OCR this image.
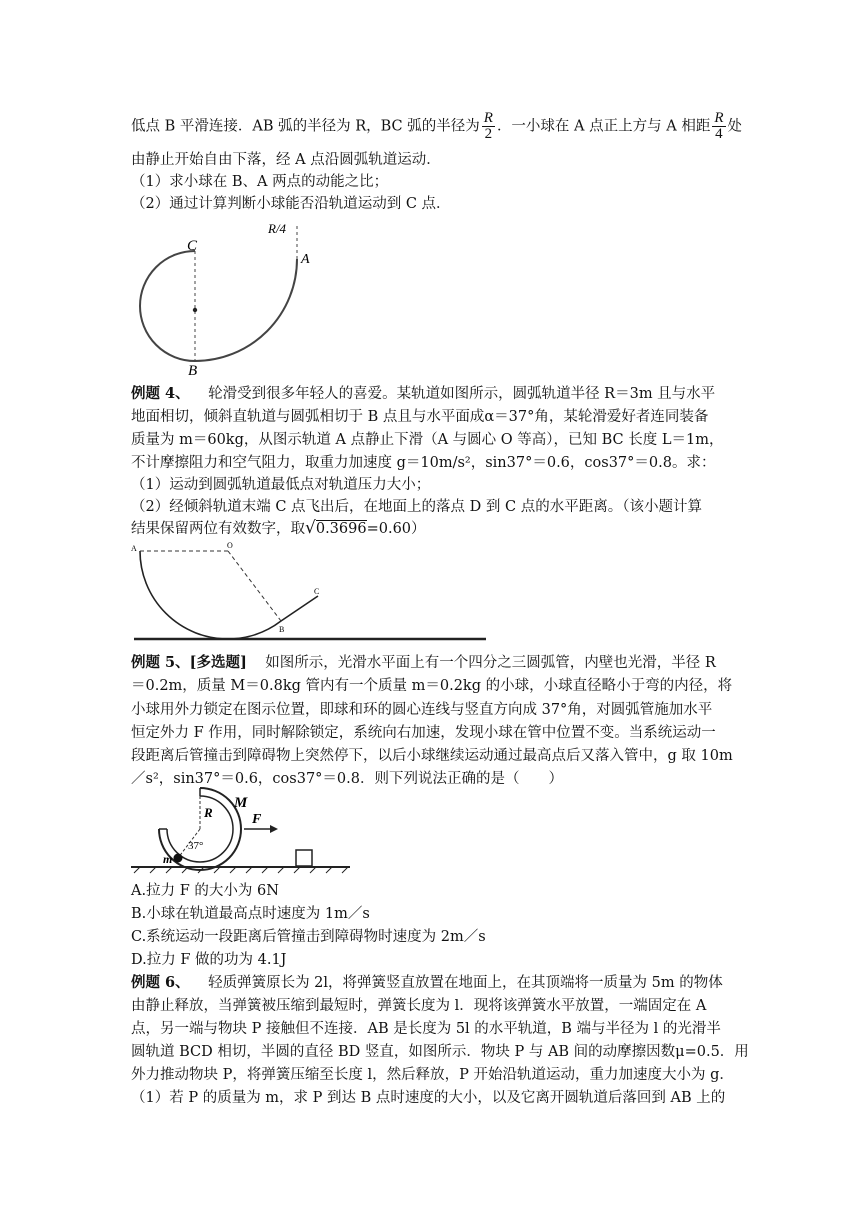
低点 B 平滑连接．AB 弧的半径为 R，BC 弧的半径为 $\frac{R}{2}$ ．一小球在 A 点正上方与 A 相距 $\frac{R}{4}$ 处
由静止开始自由下落，经 A 点沿圆弧轨道运动．
（1）求小球在 B、A 两点的动能之比；
（2）通过计算判断小球能否沿轨道运动到 C 点．
C
A
B
R/4
例题 4、 轮滑受到很多年轻人的喜爱。某轨道如图所示，圆弧轨道半径 R＝3m 且与水平
地面相切，倾斜直轨道与圆弧相切于 B 点且与水平面成α＝37°角，某轮滑爱好者连同装备
质量为 m＝60kg，从图示轨道 A 点静止下滑（A 与圆心 O 等高），已知 BC 长度 L＝1m，
不计摩擦阻力和空气阻力，取重力加速度 g＝10m/s²，sin37°＝0.6，cos37°＝0.8。求：
（1）运动到圆弧轨道最低点对轨道压力大小；
（2）经倾斜轨道末端 C 点飞出后，在地面上的落点 D 到 C 点的水平距离。（该小题计算
结果保留两位有效数字，取√0.3696=0.60）
A	O
B
C
例题 5、[多选题] 如图所示，光滑水平面上有一个四分之三圆弧管，内壁也光滑，半径 R
＝0.2m，质量 M＝0.8kg 管内有一个质量 m＝0.2kg 的小球，小球直径略小于弯的内径，将
小球用外力锁定在图示位置，即球和环的圆心连线与竖直方向成 37°角，对圆弧管施加水平
恒定外力 F 作用，同时解除锁定，系统向右加速，发现小球在管中位置不变。当系统运动一
段距离后管撞击到障碍物上突然停下，以后小球继续运动通过最高点后又落入管中，g 取 10m
／s²，sin37°＝0.6，cos37°＝0.8．则下列说法正确的是（　　）
R
M
F
37°
m
A.拉力 F 的大小为 6N
B.小球在轨道最高点时速度为 1m／s
C.系统运动一段距离后管撞击到障碍物时速度为 2m／s
D.拉力 F 做的功为 4.1J
例题 6、 轻质弹簧原长为 2l，将弹簧竖直放置在地面上，在其顶端将一质量为 5m 的物体
由静止释放，当弹簧被压缩到最短时，弹簧长度为 l．现将该弹簧水平放置，一端固定在 A
点，另一端与物块 P 接触但不连接．AB 是长度为 5l 的水平轨道，B 端与半径为 l 的光滑半
圆轨道 BCD 相切，半圆的直径 BD 竖直，如图所示．物块 P 与 AB 间的动摩擦因数μ=0.5．用
外力推动物块 P，将弹簧压缩至长度 l，然后释放，P 开始沿轨道运动，重力加速度大小为 g．
（1）若 P 的质量为 m，求 P 到达 B 点时速度的大小，以及它离开圆轨道后落回到 AB 上的
